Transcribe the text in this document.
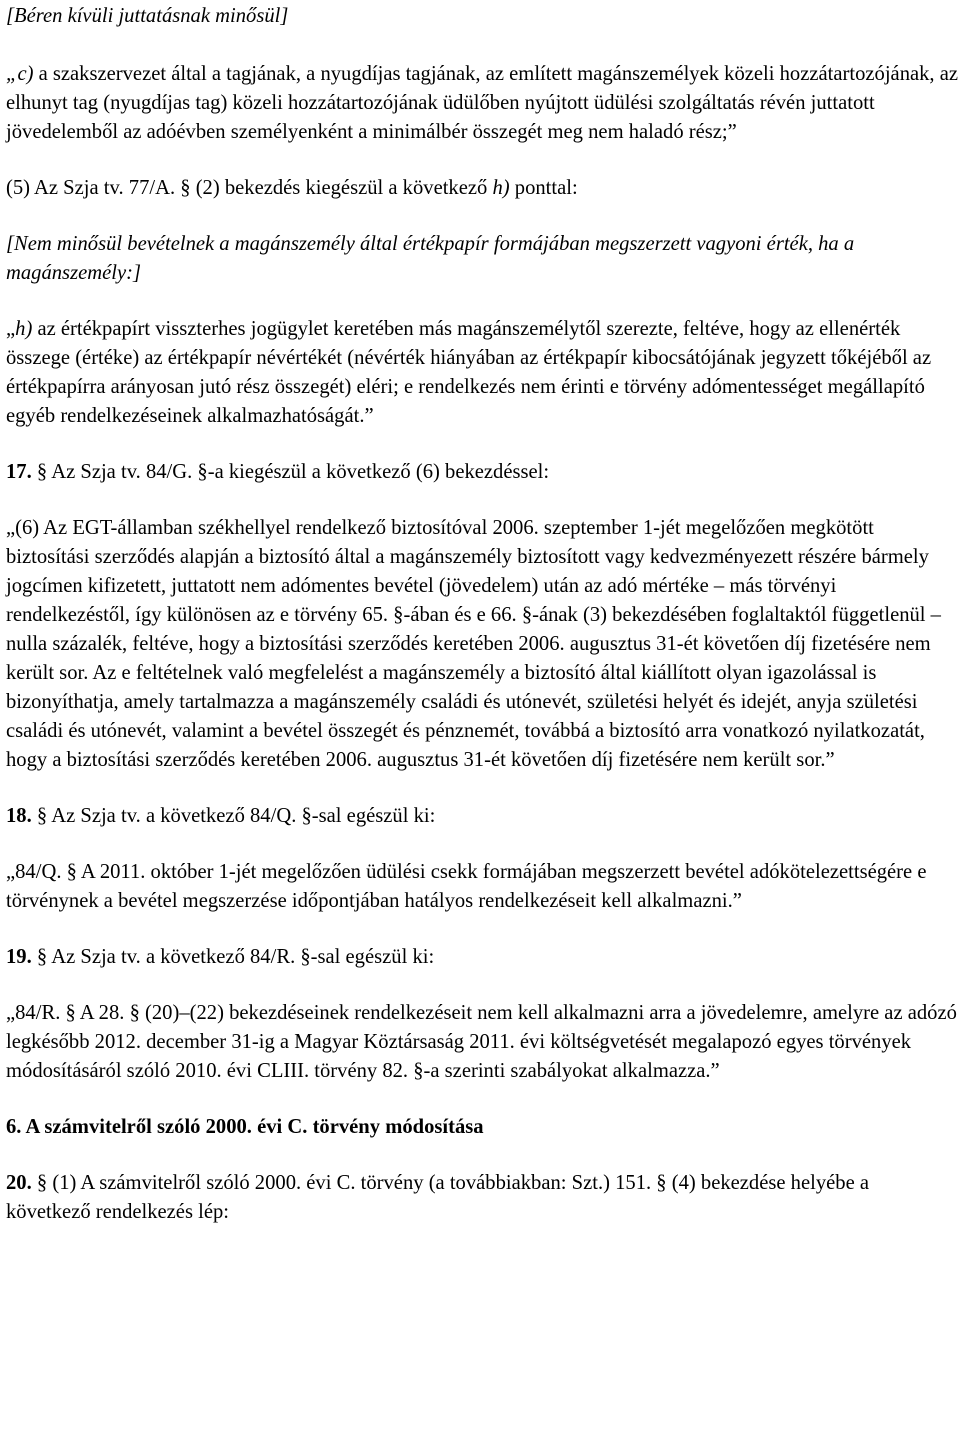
[Béren kívüli juttatásnak minősül]

„c) a szakszervezet által a tagjának, a nyugdíjas tagjának, az említett magánszemélyek közeli hozzátartozójának, az elhunyt tag (nyugdíjas tag) közeli hozzátartozójának üdülőben nyújtott üdülési szolgáltatás révén juttatott jövedelemből az adóévben személyenként a minimálbér összegét meg nem haladó rész;”

(5) Az Szja tv. 77/A. § (2) bekezdés kiegészül a következő h) ponttal:

[Nem minősül bevételnek a magánszemély által értékpapír formájában megszerzett vagyoni érték, ha a magánszemély:]

„h) az értékpapírt visszterhes jogügylet keretében más magánszemélytől szerezte, feltéve, hogy az ellenérték összege (értéke) az értékpapír névértékét (névérték hiányában az értékpapír kibocsátójának jegyzett tőkéjéből az értékpapírra arányosan jutó rész összegét) eléri; e rendelkezés nem érinti e törvény adómentességet megállapító egyéb rendelkezéseinek alkalmazhatóságát.”

17. § Az Szja tv. 84/G. §-a kiegészül a következő (6) bekezdéssel:

„(6) Az EGT-államban székhellyel rendelkező biztosítóval 2006. szeptember 1-jét megelőzően megkötött biztosítási szerződés alapján a biztosító által a magánszemély biztosított vagy kedvezményezett részére bármely jogcímen kifizetett, juttatott nem adómentes bevétel (jövedelem) után az adó mértéke – más törvényi rendelkezéstől, így különösen az e törvény 65. §-ában és e 66. §-ának (3) bekezdésében foglaltaktól függetlenül – nulla százalék, feltéve, hogy a biztosítási szerződés keretében 2006. augusztus 31-ét követően díj fizetésére nem került sor. Az e feltételnek való megfelelést a magánszemély a biztosító által kiállított olyan igazolással is bizonyíthatja, amely tartalmazza a magánszemély családi és utónevét, születési helyét és idejét, anyja születési családi és utónevét, valamint a bevétel összegét és pénznemét, továbbá a biztosító arra vonatkozó nyilatkozatát, hogy a biztosítási szerződés keretében 2006. augusztus 31-ét követően díj fizetésére nem került sor.”

18. § Az Szja tv. a következő 84/Q. §-sal egészül ki:

„84/Q. § A 2011. október 1-jét megelőzően üdülési csekk formájában megszerzett bevétel adókötelezettségére e törvénynek a bevétel megszerzése időpontjában hatályos rendelkezéseit kell alkalmazni.”

19. § Az Szja tv. a következő 84/R. §-sal egészül ki:

„84/R. § A 28. § (20)–(22) bekezdéseinek rendelkezéseit nem kell alkalmazni arra a jövedelemre, amelyre az adózó legkésőbb 2012. december 31-ig a Magyar Köztársaság 2011. évi költségvetését megalapozó egyes törvények módosításáról szóló 2010. évi CLIII. törvény 82. §-a szerinti szabályokat alkalmazza.”

6. A számvitelről szóló 2000. évi C. törvény módosítása

20. § (1) A számvitelről szóló 2000. évi C. törvény (a továbbiakban: Szt.) 151. § (4) bekezdése helyébe a következő rendelkezés lép:
